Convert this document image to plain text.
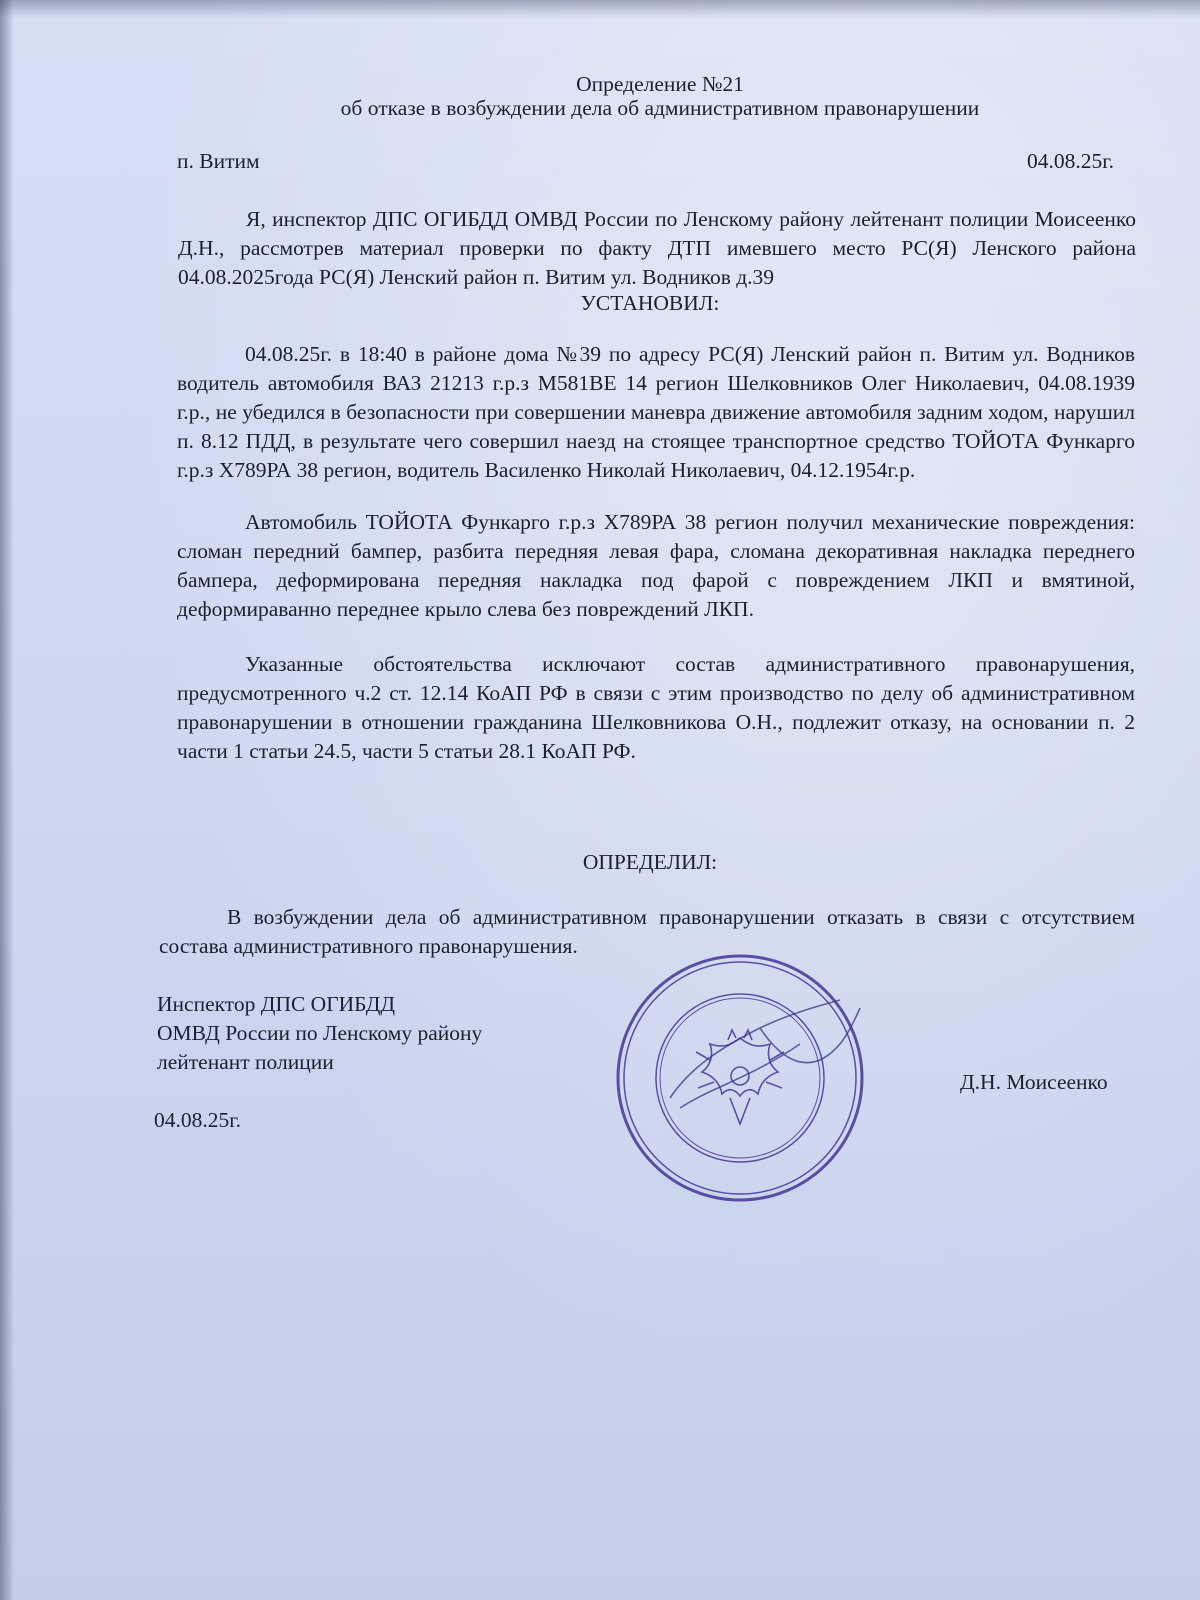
Определение №21
об отказе в возбуждении дела об административном правонарушении
п. Витим	04.08.25г.
Я, инспектор ДПС ОГИБДД ОМВД России по Ленскому району лейтенант полиции Моисеенко Д.Н., рассмотрев материал проверки по факту ДТП имевшего место РС(Я) Ленского района 04.08.2025года РС(Я) Ленский район п. Витим ул. Водников д.39
УСТАНОВИЛ:
04.08.25г. в 18:40 в районе дома №39 по адресу РС(Я) Ленский район п. Витим ул. Водников водитель автомобиля ВАЗ 21213 г.р.з М581ВЕ 14 регион Шелковников Олег Николаевич, 04.08.1939 г.р., не убедился в безопасности при совершении маневра движение автомобиля задним ходом, нарушил п. 8.12 ПДД, в результате чего совершил наезд на стоящее транспортное средство ТОЙОТА Функарго г.р.з Х789РА 38 регион, водитель Василенко Николай Николаевич, 04.12.1954г.р.
Автомобиль ТОЙОТА Функарго г.р.з Х789РА 38 регион получил механические повреждения: сломан передний бампер, разбита передняя левая фара, сломана декоративная накладка переднего бампера, деформирована передняя накладка под фарой с повреждением ЛКП и вмятиной, деформираванно переднее крыло слева без повреждений ЛКП.
Указанные обстоятельства исключают состав административного правонарушения, предусмотренного ч.2 ст. 12.14 КоАП РФ в связи с этим производство по делу об административном правонарушении в отношении гражданина Шелковникова О.Н., подлежит отказу, на основании п. 2 части 1 статьи 24.5, части 5 статьи 28.1 КоАП РФ.
ОПРЕДЕЛИЛ:
В возбуждении дела об административном правонарушении отказать в связи с отсутствием состава административного правонарушения.
Инспектор ДПС ОГИБДД
ОМВД России по Ленскому району
лейтенант полиции
04.08.25г.
Д.Н. Моисеенко
